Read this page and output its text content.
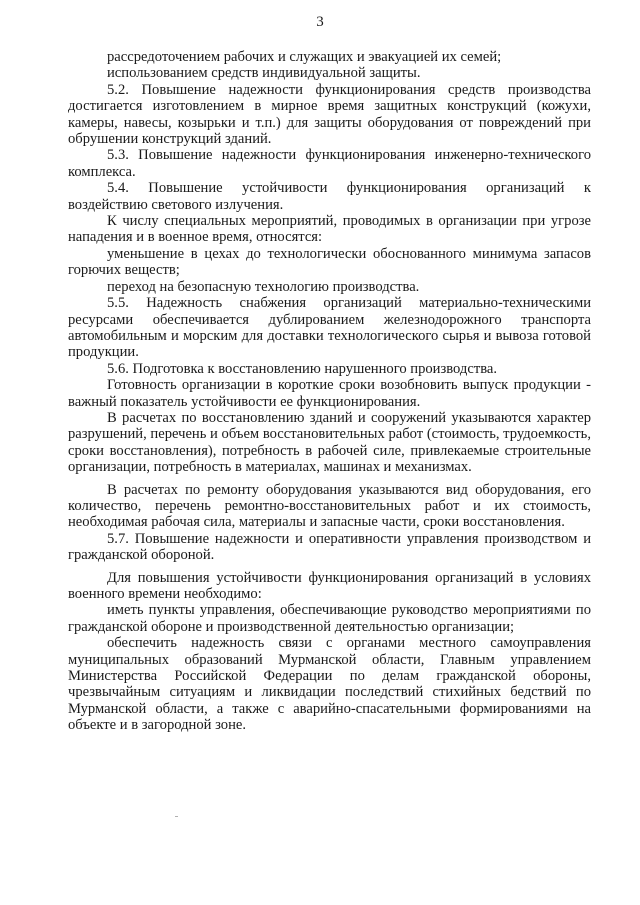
3

рассредоточением рабочих и служащих и эвакуацией их семей;

использованием средств индивидуальной защиты.

5.2. Повышение надежности функционирования средств производства достигается изготовлением в мирное время защитных конструкций (кожухи, камеры, навесы, козырьки и т.п.) для защиты оборудования от повреждений при обрушении конструкций зданий.

5.3. Повышение надежности функционирования инженерно-технического комплекса.

5.4. Повышение устойчивости функционирования организаций к воздействию светового излучения.

К числу специальных мероприятий, проводимых в организации при угрозе нападения и в военное время, относятся:

уменьшение в цехах до технологически обоснованного минимума запасов горючих веществ;

переход на безопасную технологию производства.

5.5. Надежность снабжения организаций материально-техническими ресурсами обеспечивается дублированием железнодорожного транспорта автомобильным и морским для доставки технологического сырья и вывоза готовой продукции.

5.6. Подготовка к восстановлению нарушенного производства.

Готовность организации в короткие сроки возобновить выпуск продукции - важный показатель устойчивости ее функционирования.

В расчетах по восстановлению зданий и сооружений указываются характер разрушений, перечень и объем восстановительных работ (стоимость, трудоемкость, сроки восстановления), потребность в рабочей силе, привлекаемые строительные организации, потребность в материалах, машинах и механизмах.

В расчетах по ремонту оборудования указываются вид оборудования, его количество, перечень ремонтно-восстановительных работ и их стоимость, необходимая рабочая сила, материалы и запасные части, сроки восстановления.

5.7. Повышение надежности и оперативности управления производством и гражданской обороной.

Для повышения устойчивости функционирования организаций в условиях военного времени необходимо:

иметь пункты управления, обеспечивающие руководство мероприятиями по гражданской обороне и производственной деятельностью организации;

обеспечить надежность связи с органами местного самоуправления муниципальных образований Мурманской области, Главным управлением Министерства Российской Федерации по делам гражданской обороны, чрезвычайным ситуациям и ликвидации последствий стихийных бедствий по Мурманской области, а также с аварийно-спасательными формированиями на объекте и в загородной зоне.
